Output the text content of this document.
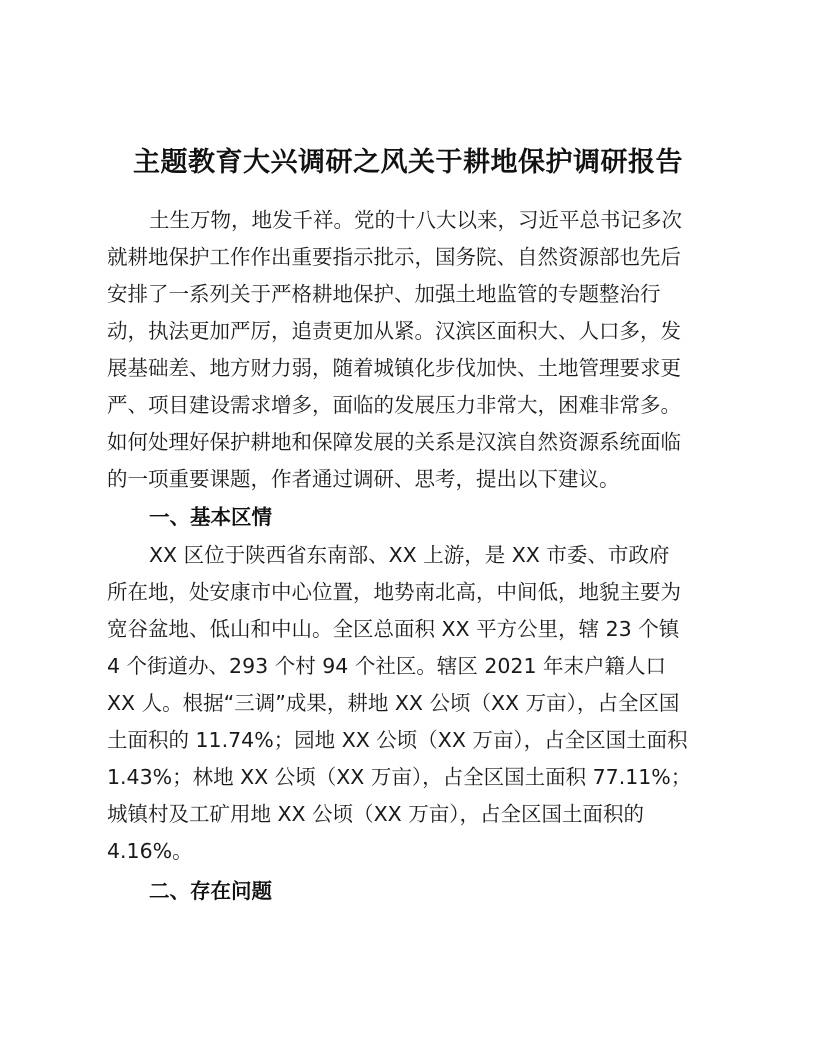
主题教育大兴调研之风关于耕地保护调研报告
土生万物，地发千祥。党的十八大以来，习近平总书记多次
就耕地保护工作作出重要指示批示，国务院、自然资源部也先后
安排了一系列关于严格耕地保护、加强土地监管的专题整治行
动，执法更加严厉，追责更加从紧。汉滨区面积大、人口多，发
展基础差、地方财力弱，随着城镇化步伐加快、土地管理要求更
严、项目建设需求增多，面临的发展压力非常大，困难非常多。
如何处理好保护耕地和保障发展的关系是汉滨自然资源系统面临
的一项重要课题，作者通过调研、思考，提出以下建议。
一、基本区情
XX 区位于陕西省东南部、XX 上游，是 XX 市委、市政府
所在地，处安康市中心位置，地势南北高，中间低，地貌主要为
宽谷盆地、低山和中山。全区总面积 XX 平方公里，辖 23 个镇
4 个街道办、293 个村 94 个社区。辖区 2021 年末户籍人口
XX 人。根据“三调”成果，耕地 XX 公顷（XX 万亩），占全区国
土面积的 11.74%；园地 XX 公顷（XX 万亩），占全区国土面积
1.43%；林地 XX 公顷（XX 万亩），占全区国土面积 77.11%；
城镇村及工矿用地 XX 公顷（XX 万亩），占全区国土面积的
4.16%。
二、存在问题
